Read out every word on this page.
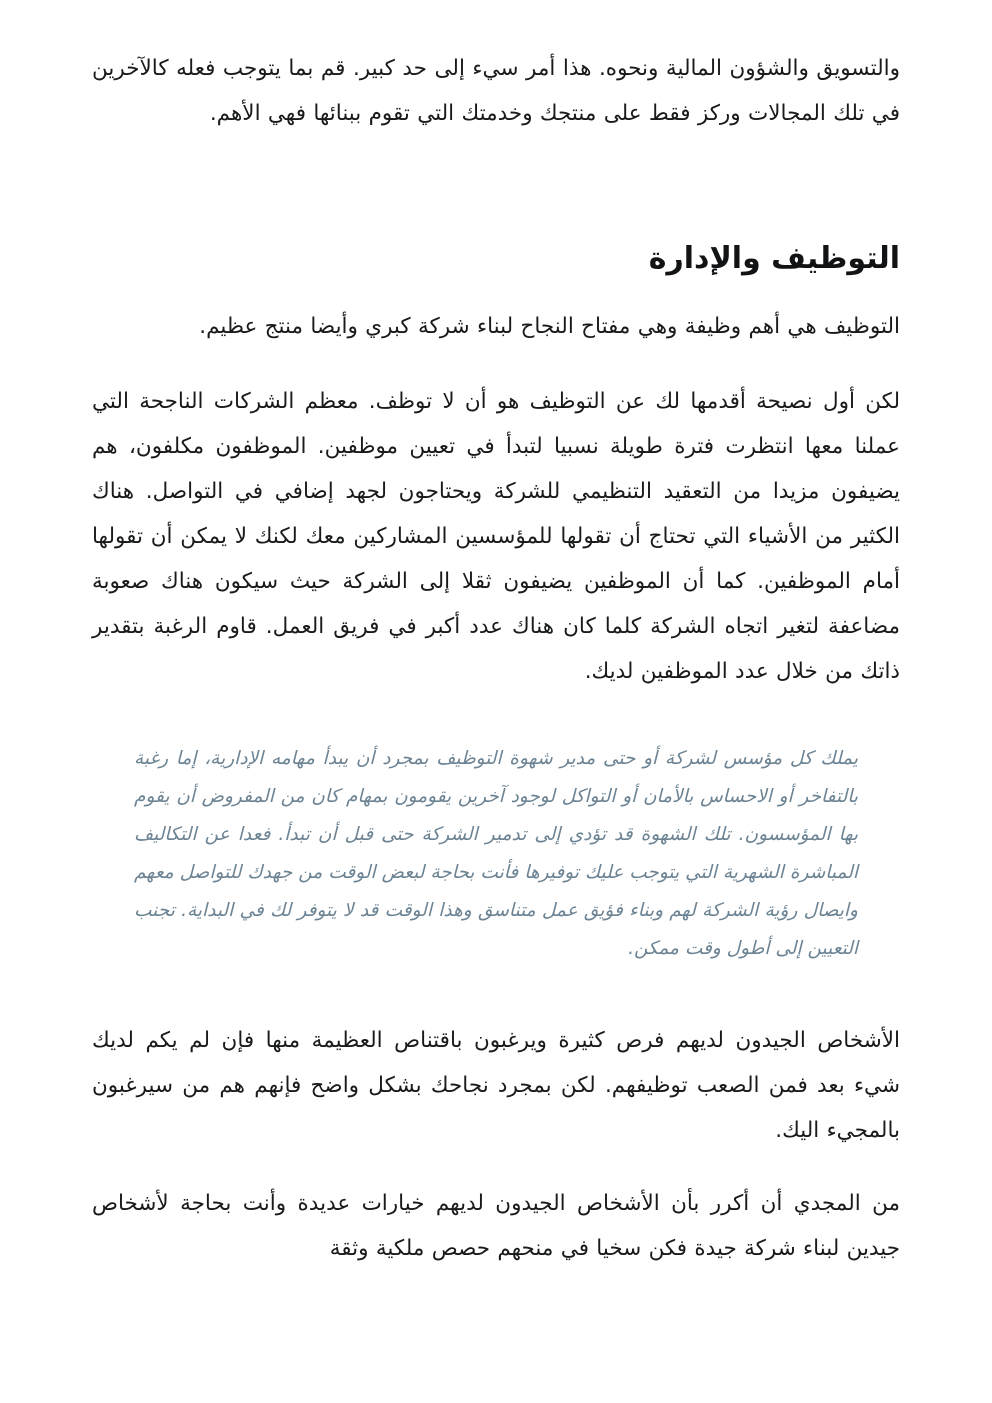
والتسويق والشؤون المالية ونحوه. هذا أمر سيء إلى حد كبير. قم بما يتوجب فعله كالآخرين في تلك المجالات وركز فقط على منتجك وخدمتك التي تقوم ببنائها فهي الأهم.

التوظيف والإدارة

التوظيف هي أهم وظيفة وهي مفتاح النجاح لبناء شركة كبري وأيضا منتج عظيم.

لكن أول نصيحة أقدمها لك عن التوظيف هو أن لا توظف. معظم الشركات الناجحة التي عملنا معها انتظرت فترة طويلة نسبيا لتبدأ في تعيين موظفين. الموظفون مكلفون، هم يضيفون مزيدا من التعقيد التنظيمي للشركة ويحتاجون لجهد إضافي في التواصل. هناك الكثير من الأشياء التي تحتاج أن تقولها للمؤسسين المشاركين معك لكنك لا يمكن أن تقولها أمام الموظفين. كما أن الموظفين يضيفون ثقلا إلى الشركة حيث سيكون هناك صعوبة مضاعفة لتغير اتجاه الشركة كلما كان هناك عدد أكبر في فريق العمل. قاوم الرغبة بتقدير ذاتك من خلال عدد الموظفين لديك.

يملك كل مؤسس لشركة أو حتى مدير شهوة التوظيف بمجرد أن يبدأ مهامه الإدارية، إما رغبة بالتفاخر أو الاحساس بالأمان أو التواكل لوجود آخرين يقومون بمهام كان من المفروض أن يقوم بها المؤسسون. تلك الشهوة قد تؤدي إلى تدمير الشركة حتى قبل أن تبدأ. فعدا عن التكاليف المباشرة الشهرية التي يتوجب عليك توفيرها فأنت بحاجة لبعض الوقت من جهدك للتواصل معهم وايصال رؤية الشركة لهم وبناء فؤيق عمل متناسق وهذا الوقت قد لا يتوفر لك في البداية. تجنب التعيين إلى أطول وقت ممكن.

الأشخاص الجيدون لديهم فرص كثيرة ويرغبون باقتناص العظيمة منها فإن لم يكم لديك شيء بعد فمن الصعب توظيفهم. لكن بمجرد نجاحك بشكل واضح فإنهم هم من سيرغبون بالمجيء اليك.

من المجدي أن أكرر بأن الأشخاص الجيدون لديهم خيارات عديدة وأنت بحاجة لأشخاص جيدين لبناء شركة جيدة فكن سخيا في منحهم حصص ملكية وثقة
